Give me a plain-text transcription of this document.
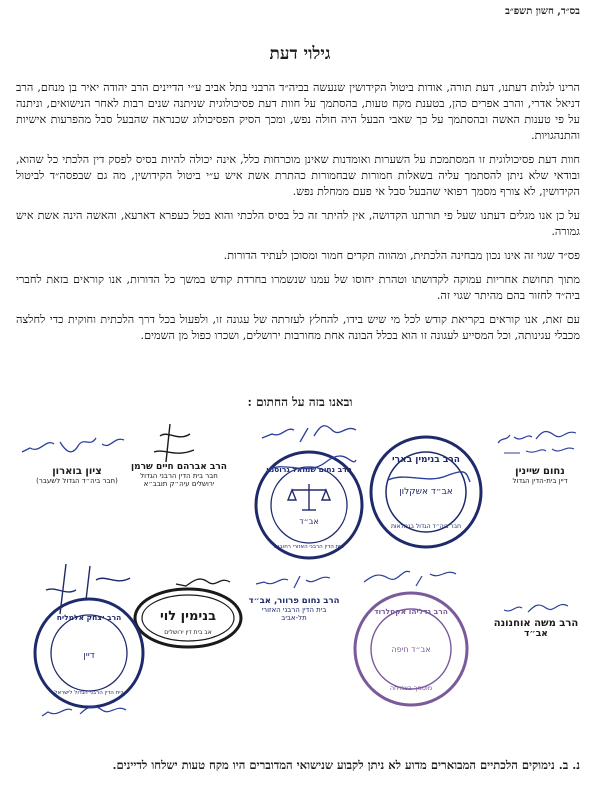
בס״ד, חשון תשפ״ב
גילוי דעת

הרינו לגלות דעתנו, דעת תורה, אודות ביטול הקידושין שנעשה בביה״ד הרבני בתל אביב ע״י הדיינים הרב יהודה יאיר בן מנחם, הרב דניאל אדרי, והרב אפרים כהן, בטענת מקח טעות, בהסתמך על חוות דעת פסיכולוגית שניתנה שנים רבות לאחר הנישואים, וניתנה על פי טענות האשה ובהסתמך על כך שאבי הבעל היה חולה נפש, ומכך הסיק הפסיכולוג שכנראה שהבעל סבל מהפרעות אישיות והתנהגויות.

חוות דעת פסיכולוגית זו המסתמכת על השערות ואומדנות שאינן מוכרחות כלל, אינה יכולה להיות בסיס לפסק דין הלכתי כל שהוא, ובודאי שלא ניתן להסתמך עליה בשאלות חמורות שבחמורות כהתרת אשת איש ע״י ביטול הקידושין, מה גם שבפסה״ד לביטול הקידושין, לא צורף מסמך רפואי שהבעל סבל אי פעם ממחלת נפש.

על כן אנו מגלים דעתנו שעל פי תורתנו הקדושה, אין להיתר זה כל בסיס הלכתי והוא בטל כעפרא דארעא, והאשה הינה אשת איש גמורה.

פס״ד שגוי זה אינו נכון מבחינה הלכתית, ומהווה תקדים חמור ומסוכן לעתיד הדורות.

מתוך תחושת אחריות עמוקה לקדושתו וטהרת יחוסו של עמנו שנשמרו בחרדת קודש במשך כל הדורות, אנו קוראים בזאת לחברי ביה״ד לחזור בהם מהיתר שגוי זה.

עם זאת, אנו קוראים בקריאת קודש לכל מי שיש בידו, להחלץ לעזרתה של עגונה זו, ולפעול בכל דרך הלכתית וחוקית כדי לחלצה מכבלי עגינותה, וכל המסייע לעגונה זו הוא בכלל הבונה אחת מחורבות ירושלים, ושכרו כפול מן השמים.

ובאנו בזה על החתום :
נחום שיינין
דיין בית-הדין הגדול
הרב בנימין בארי
אב״ד אשקלון
חבר ביה״ד הגדול בגמלאות
הרב נחום שמואל גרוסמן
אב״ד
בית הדין הרבני האזורי רחובות
הרב אברהם חיים שרמן
חבר בית הדין הרבני הגדול
ירושלים עיה״ק תובב״א
ציון בוארון
(חבר ביה״ד הגדול לשעבר)
הרב משה אוחנונה
אב״ד
הרב נדליהו אקסלרוד
אב״ד חיפה
מוסמך בצמיחה
הרב נחום פרוור, אב״ד
בית הדין הרבני האזורי
תל-אביב
בנימין לוי
אב בית דין ירושלים
הרב יצחק אלמליח
דיין
בית הדין הרבני הגדול לישראל
נ. ב. נימוקים הלכתיים המבוארים מדוע לא ניתן לקבוע שנישואי המדוברים היו מקח טעות ישלחו לדיינים.
